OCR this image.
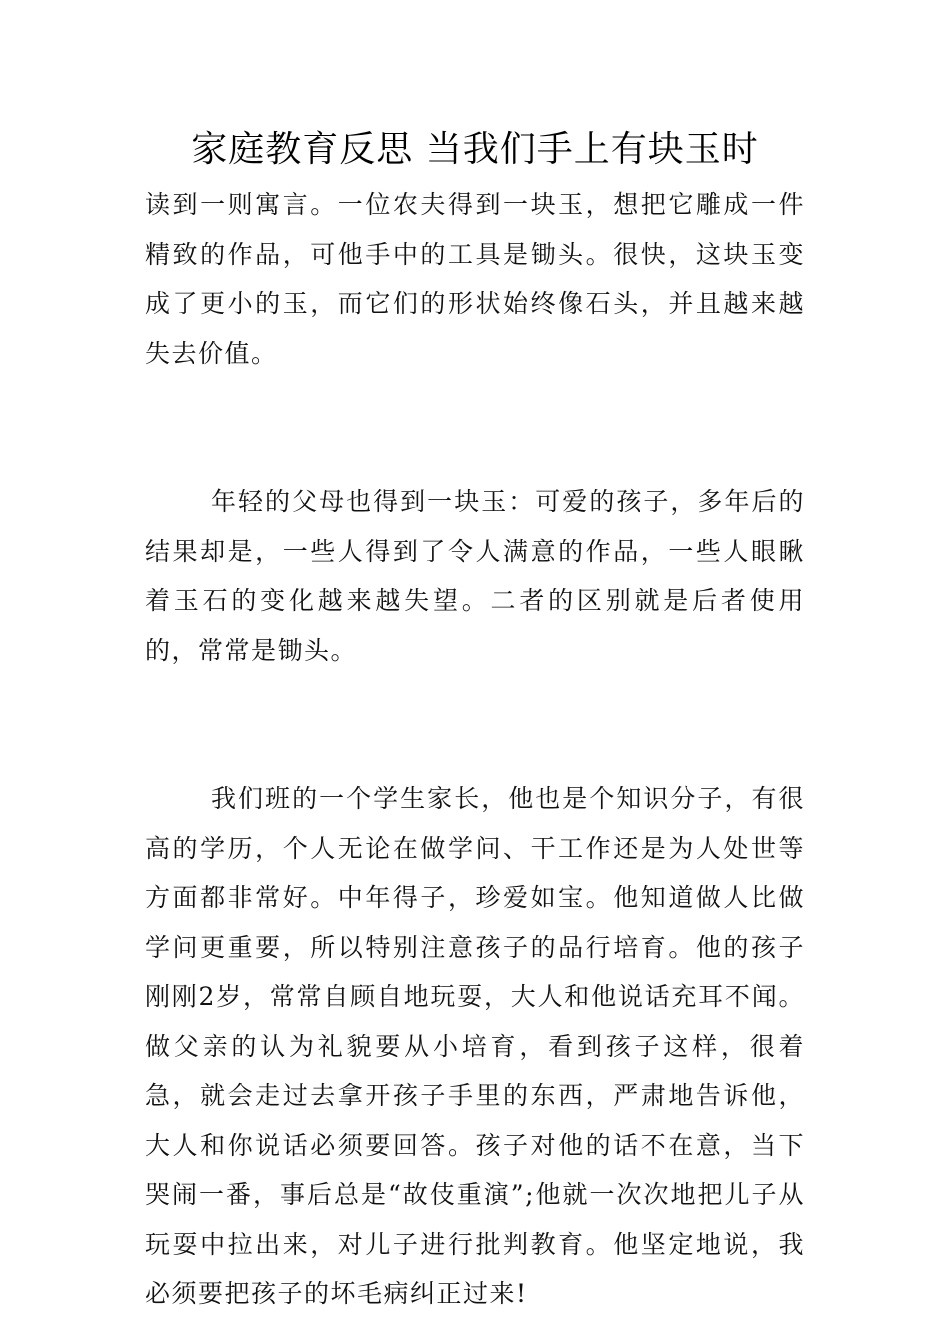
家庭教育反思 当我们手上有块玉时

读到一则寓言。一位农夫得到一块玉，想把它雕成一件精致的作品，可他手中的工具是锄头。很快，这块玉变成了更小的玉，而它们的形状始终像石头，并且越来越失去价值。

年轻的父母也得到一块玉：可爱的孩子，多年后的结果却是，一些人得到了令人满意的作品，一些人眼瞅着玉石的变化越来越失望。二者的区别就是后者使用的，常常是锄头。

我们班的一个学生家长，他也是个知识分子，有很高的学历，个人无论在做学问、干工作还是为人处世等方面都非常好。中年得子，珍爱如宝。他知道做人比做学问更重要，所以特别注意孩子的品行培育。他的孩子刚刚2岁，常常自顾自地玩耍，大人和他说话充耳不闻。做父亲的认为礼貌要从小培育，看到孩子这样，很着急，就会走过去拿开孩子手里的东西，严肃地告诉他，大人和你说话必须要回答。孩子对他的话不在意，当下哭闹一番，事后总是“故伎重演”;他就一次次地把儿子从玩耍中拉出来，对儿子进行批判教育。他坚定地说，我必须要把孩子的坏毛病纠正过来!
